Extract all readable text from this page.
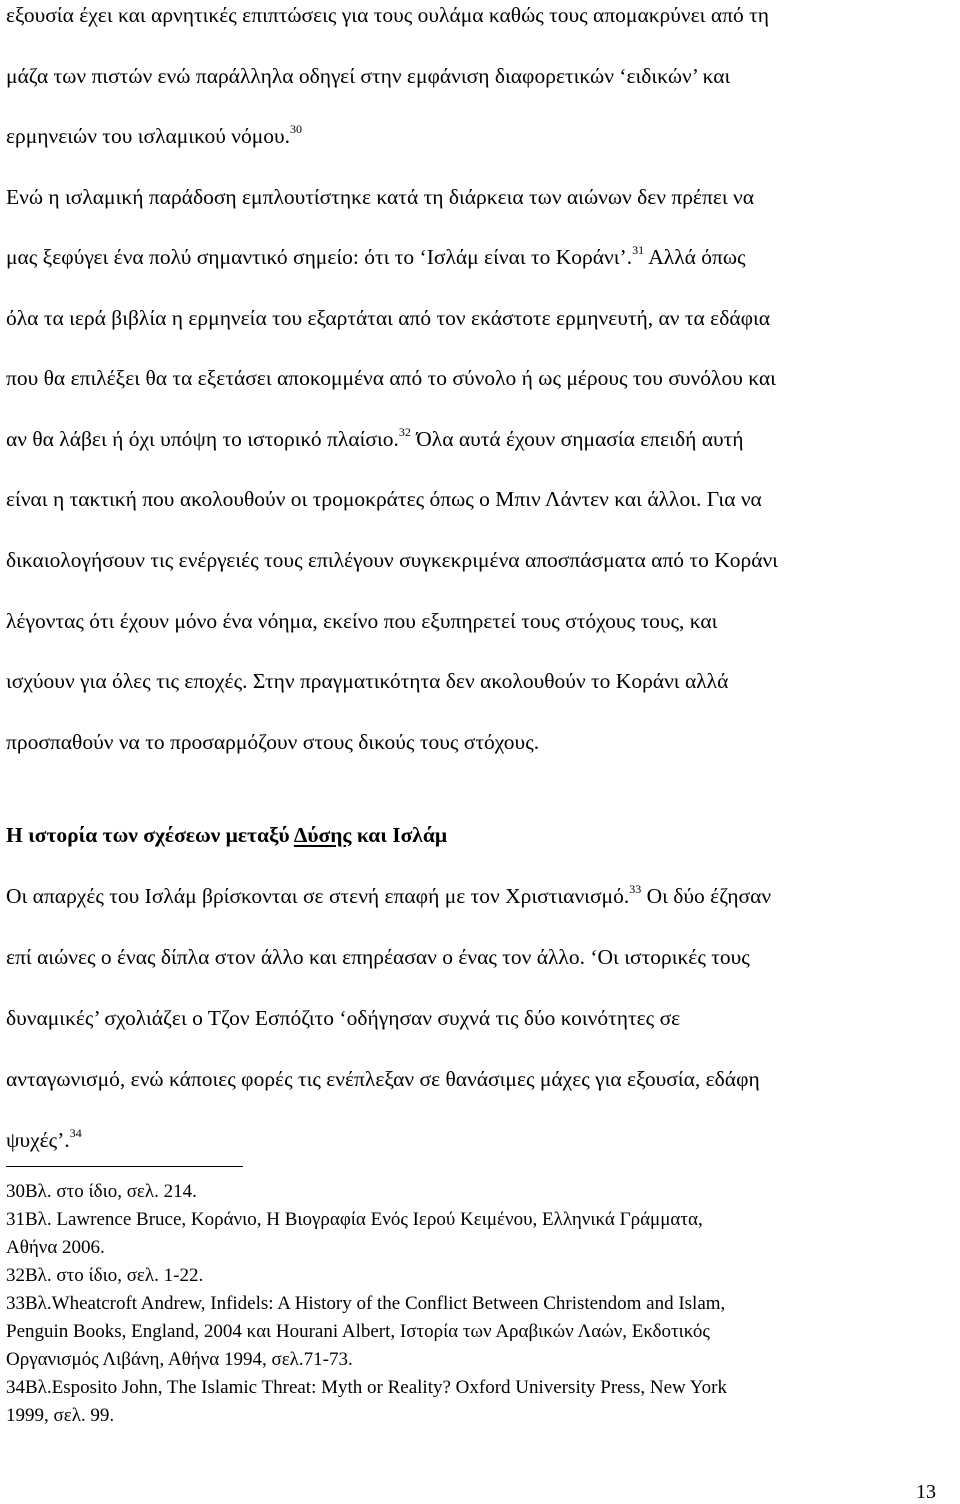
εξουσία έχει και αρνητικές επιπτώσεις για τους ουλάμα καθώς τους απομακρύνει από τη

μάζα των πιστών ενώ παράλληλα οδηγεί στην εμφάνιση διαφορετικών ‘ειδικών’ και

ερμηνειών του ισλαμικού νόμου.$^{30}$

Ενώ η ισλαμική παράδοση εμπλουτίστηκε κατά τη διάρκεια των αιώνων δεν πρέπει να

μας ξεφύγει ένα πολύ σημαντικό σημείο: ότι το ‘Ισλάμ είναι το Κοράνι’.$^{31}$ Αλλά όπως

όλα τα ιερά βιβλία η ερμηνεία του εξαρτάται από τον εκάστοτε ερμηνευτή, αν τα εδάφια

που θα επιλέξει θα τα εξετάσει αποκομμένα από το σύνολο ή ως μέρους του συνόλου και

αν θα λάβει ή όχι υπόψη το ιστορικό πλαίσιο.$^{32}$ Όλα αυτά έχουν σημασία επειδή αυτή

είναι η τακτική που ακολουθούν οι τρομοκράτες όπως ο Μπιν Λάντεν και άλλοι. Για να

δικαιολογήσουν τις ενέργειές τους επιλέγουν συγκεκριμένα αποσπάσματα από το Κοράνι

λέγοντας ότι έχουν μόνο ένα νόημα, εκείνο που εξυπηρετεί τους στόχους τους, και

ισχύουν για όλες τις εποχές. Στην πραγματικότητα δεν ακολουθούν το Κοράνι αλλά

προσπαθούν να το προσαρμόζουν στους δικούς τους στόχους.

Η ιστορία των σχέσεων μεταξύ Δύσης και Ισλάμ

Οι απαρχές του Ισλάμ βρίσκονται σε στενή επαφή με τον Χριστιανισμό.$^{33}$ Οι δύο έζησαν

επί αιώνες ο ένας δίπλα στον άλλο και επηρέασαν ο ένας τον άλλο. ‘Οι ιστορικές τους

δυναμικές’ σχολιάζει ο Τζον Εσπόζιτο ‘οδήγησαν συχνά τις δύο κοινότητες σε

ανταγωνισμό, ενώ κάποιες φορές τις ενέπλεξαν σε θανάσιμες μάχες για εξουσία, εδάφη

ψυχές’.$^{34}$

30Βλ. στο ίδιο, σελ. 214.

31Βλ. Lawrence Bruce, Κοράνιο, Η Βιογραφία Ενός Ιερού Κειμένου, Ελληνικά Γράμματα,

Αθήνα 2006.

32Βλ. στο ίδιο, σελ. 1-22.

33Βλ.Wheatcroft Andrew, Infidels: A History of the Conflict Between Christendom and Islam,

Penguin Books, England, 2004 και Hourani Albert, Ιστορία των Αραβικών Λαών, Εκδοτικός

Οργανισμός Λιβάνη, Αθήνα 1994, σελ.71-73.

34Βλ.Esposito John, The Islamic Threat: Myth or Reality? Oxford University Press, New York

1999, σελ. 99.

13
